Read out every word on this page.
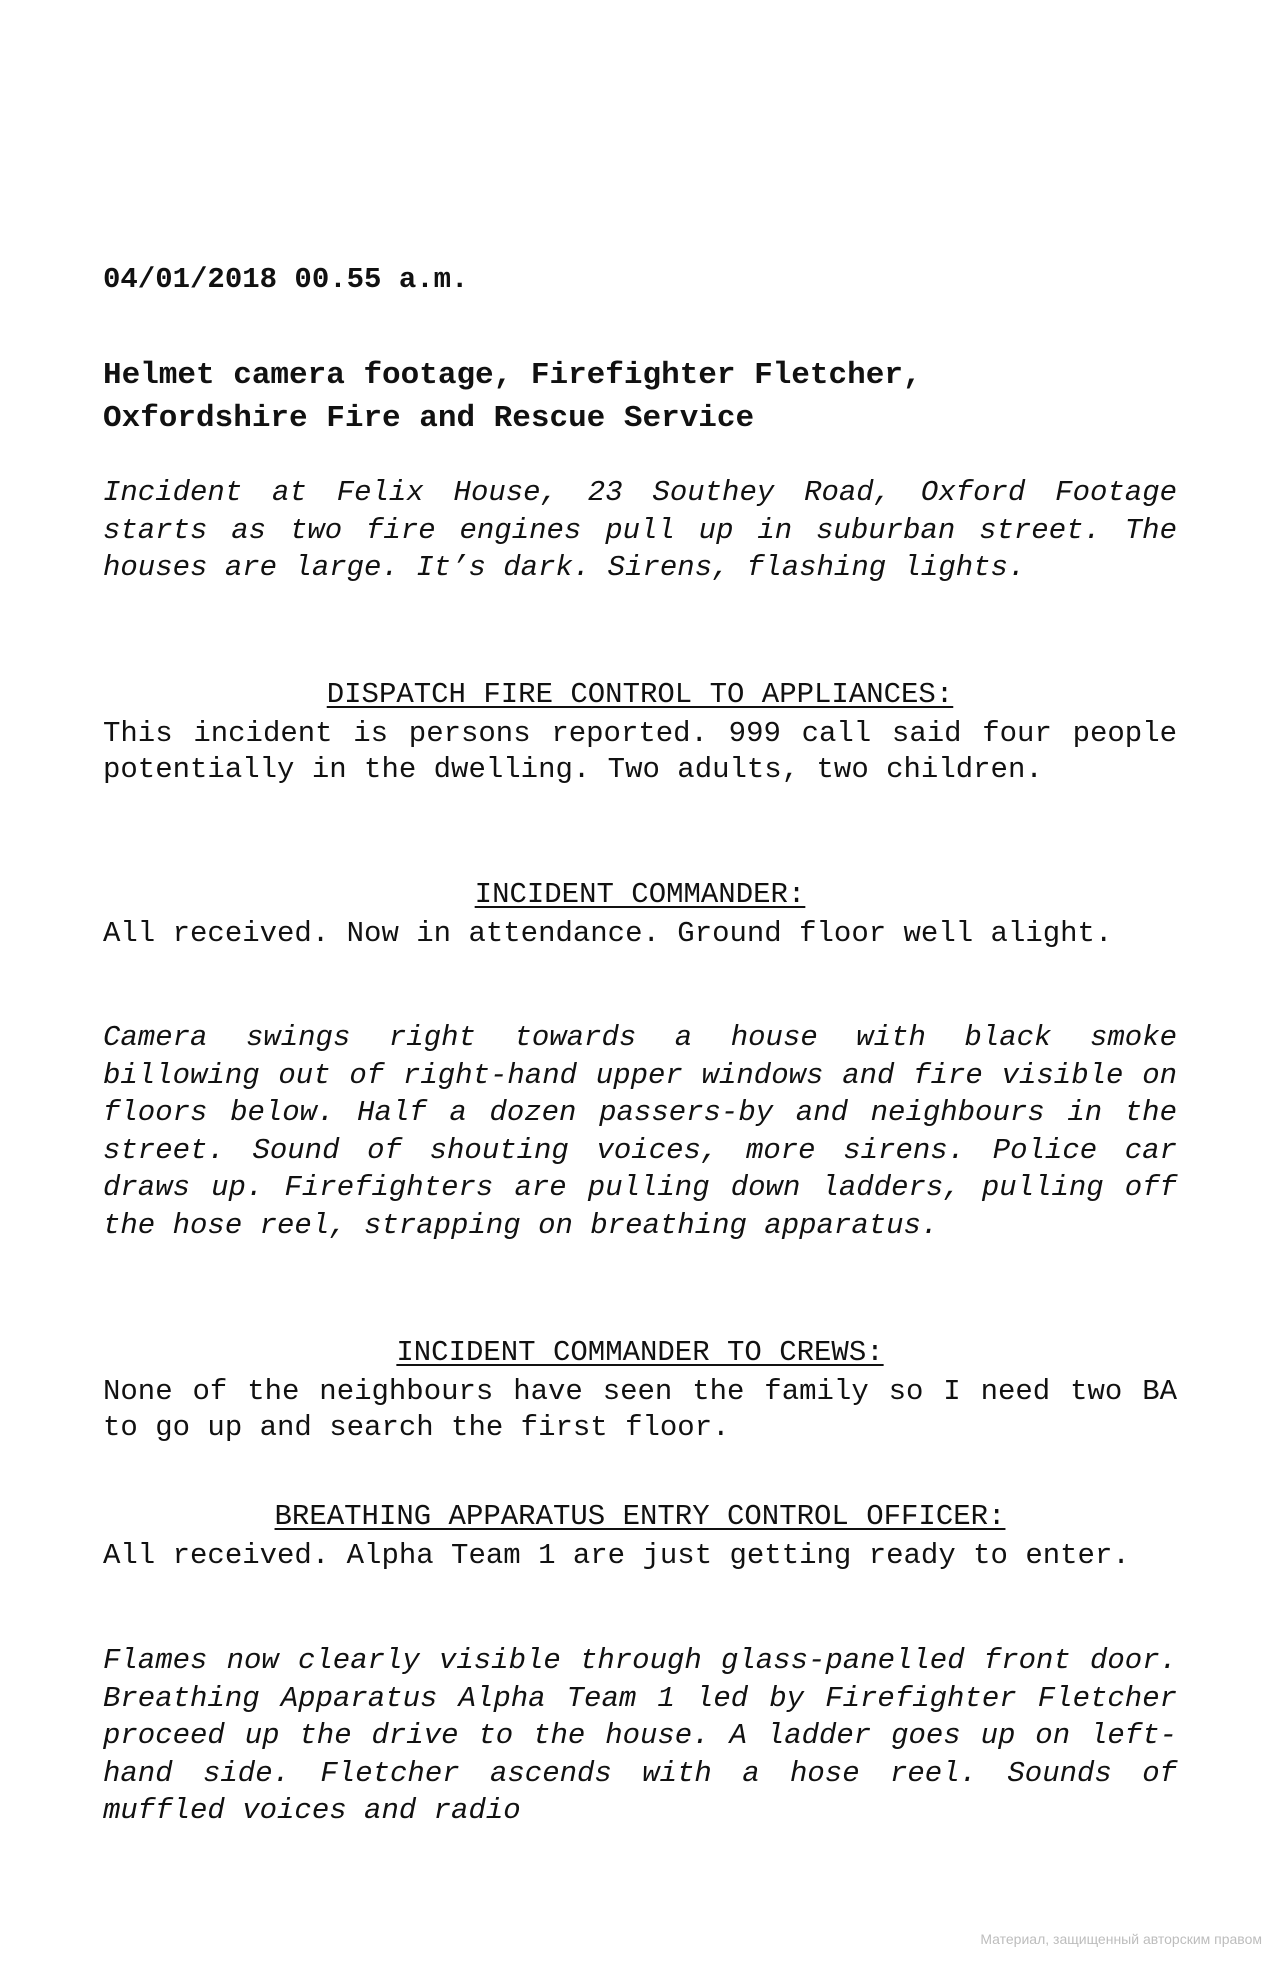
04/01/2018 00.55 a.m.
Helmet camera footage, Firefighter Fletcher,
Oxfordshire Fire and Rescue Service
Incident at Felix House, 23 Southey Road, Oxford Footage starts as two fire engines pull up in suburban street. The houses are large. It’s dark. Sirens, flashing lights.
DISPATCH FIRE CONTROL TO APPLIANCES:
This incident is persons reported. 999 call said four people potentially in the dwelling. Two adults, two children.
INCIDENT COMMANDER:
All received. Now in attendance. Ground floor well alight.
Camera swings right towards a house with black smoke billowing out of right-hand upper windows and fire visible on floors below. Half a dozen passers-by and neighbours in the street. Sound of shouting voices, more sirens. Police car draws up. Firefighters are pulling down ladders, pulling off the hose reel, strapping on breathing apparatus.
INCIDENT COMMANDER TO CREWS:
None of the neighbours have seen the family so I need two BA to go up and search the first floor.
BREATHING APPARATUS ENTRY CONTROL OFFICER:
All received. Alpha Team 1 are just getting ready to enter.
Flames now clearly visible through glass-panelled front door. Breathing Apparatus Alpha Team 1 led by Firefighter Fletcher proceed up the drive to the house. A ladder goes up on left-hand side. Fletcher ascends with a hose reel. Sounds of muffled voices and radio
Материал, защищенный авторским правом
